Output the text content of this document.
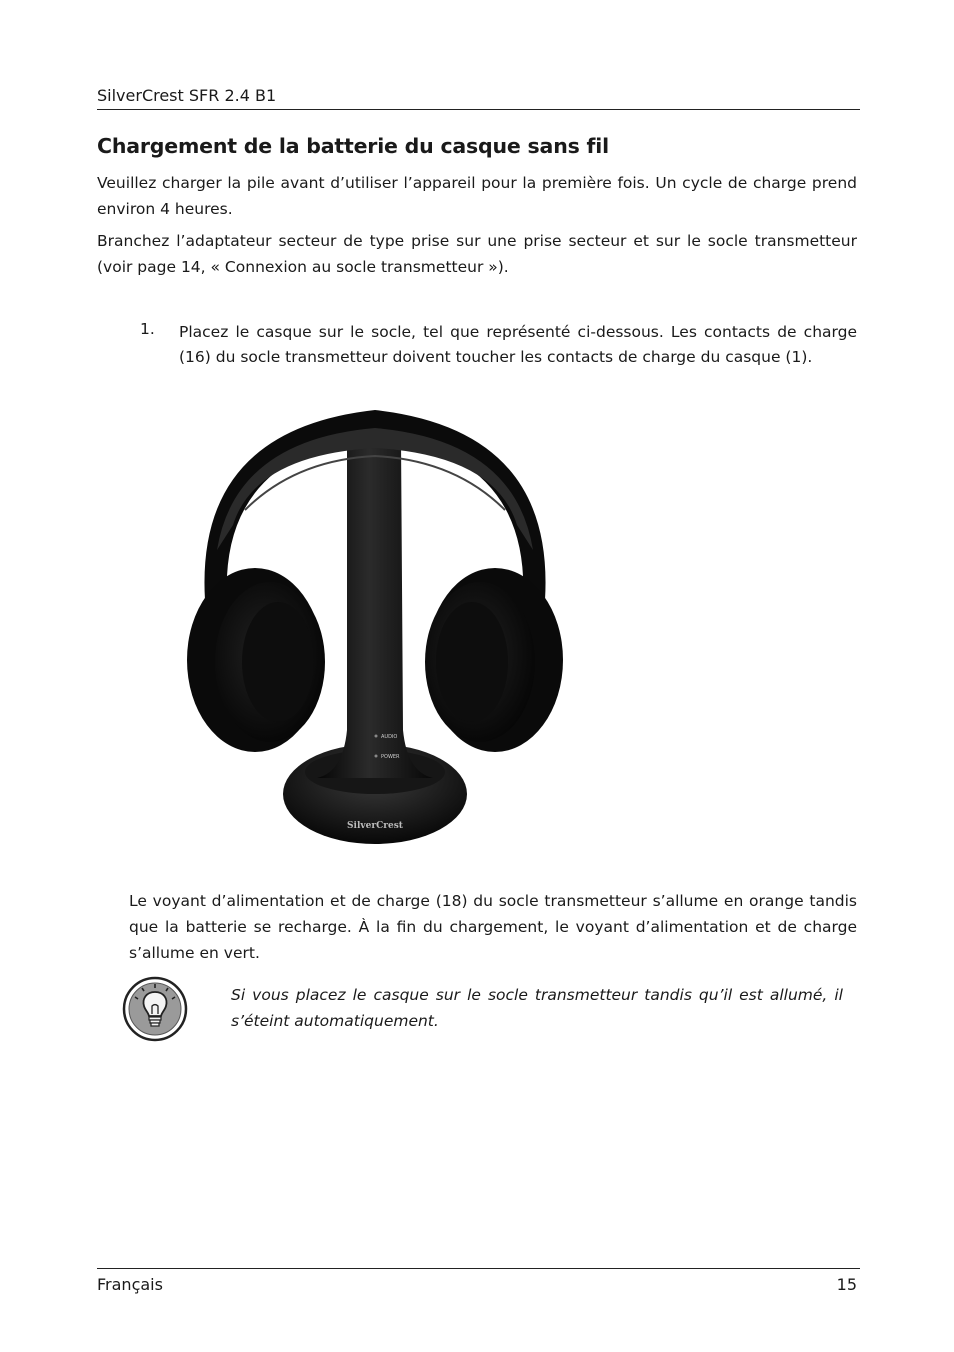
SilverCrest SFR 2.4 B1
Chargement de la batterie du casque sans fil
Veuillez charger la pile avant d’utiliser l’appareil pour la première fois. Un cycle de charge prend environ 4 heures.
Branchez l’adaptateur secteur de type prise sur une prise secteur et sur le socle transmetteur (voir page 14, « Connexion au socle transmetteur »).
1. Placez le casque sur le socle, tel que représenté ci-dessous. Les contacts de charge (16) du socle transmetteur doivent toucher les contacts de charge du casque (1).
AUDIO
POWER
SilverCrest
Le voyant d’alimentation et de charge (18) du socle transmetteur s’allume en orange tandis que la batterie se recharge. À la fin du chargement, le voyant d’alimentation et de charge s’allume en vert.
Si vous placez le casque sur le socle transmetteur tandis qu’il est allumé, il s’éteint automatiquement.
Français	15
